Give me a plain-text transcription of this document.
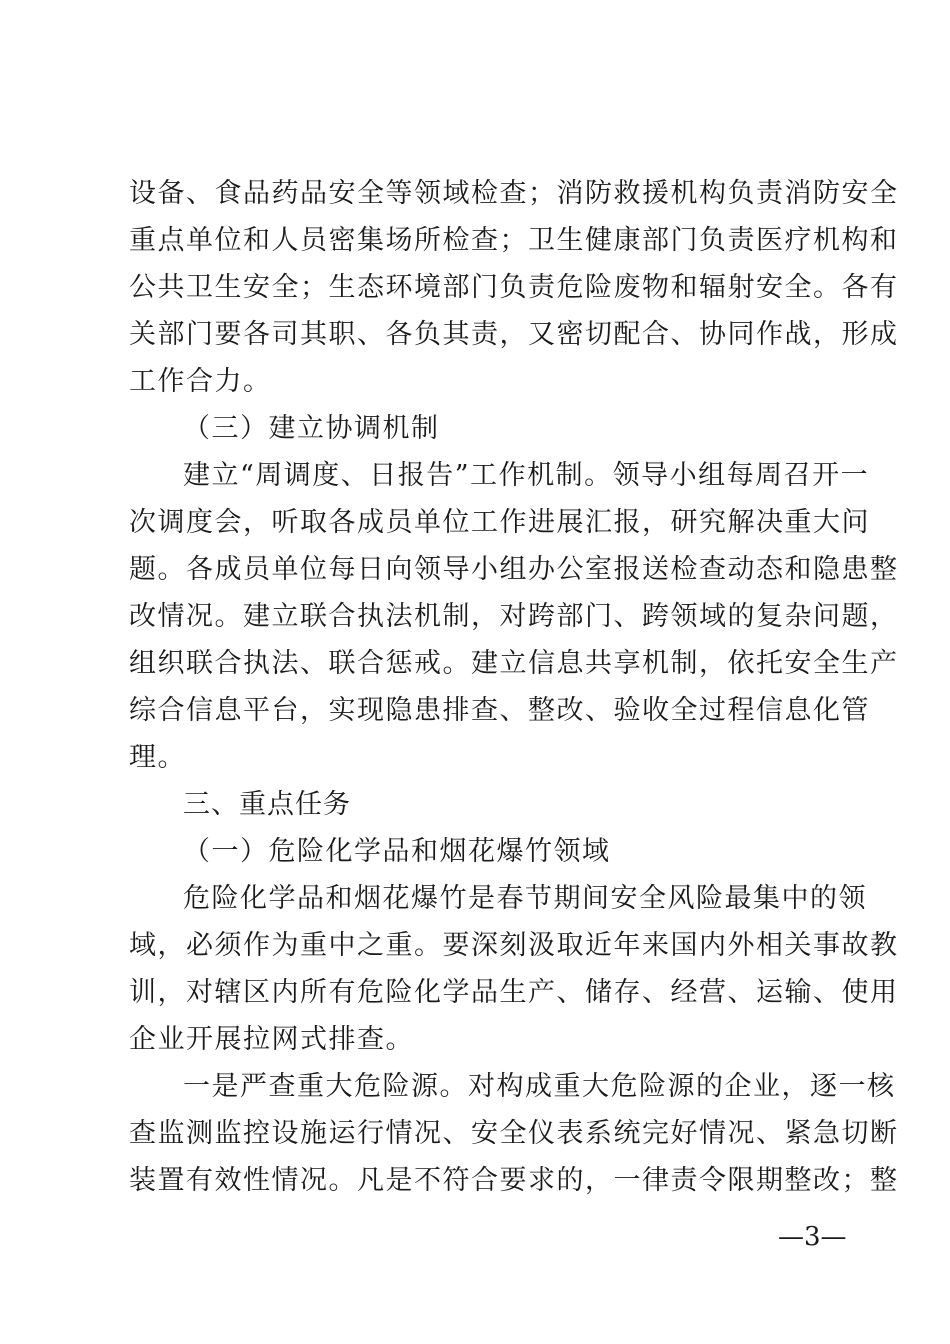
设备、食品药品安全等领域检查；消防救援机构负责消防安全
重点单位和人员密集场所检查；卫生健康部门负责医疗机构和
公共卫生安全；生态环境部门负责危险废物和辐射安全。各有
关部门要各司其职、各负其责，又密切配合、协同作战，形成
工作合力。
（三）建立协调机制
建立“周调度、日报告”工作机制。领导小组每周召开一
次调度会，听取各成员单位工作进展汇报，研究解决重大问
题。各成员单位每日向领导小组办公室报送检查动态和隐患整
改情况。建立联合执法机制，对跨部门、跨领域的复杂问题，
组织联合执法、联合惩戒。建立信息共享机制，依托安全生产
综合信息平台，实现隐患排查、整改、验收全过程信息化管
理。
三、重点任务
（一）危险化学品和烟花爆竹领域
危险化学品和烟花爆竹是春节期间安全风险最集中的领
域，必须作为重中之重。要深刻汲取近年来国内外相关事故教
训，对辖区内所有危险化学品生产、储存、经营、运输、使用
企业开展拉网式排查。
一是严查重大危险源。对构成重大危险源的企业，逐一核
查监测监控设施运行情况、安全仪表系统完好情况、紧急切断
装置有效性情况。凡是不符合要求的，一律责令限期整改；整
—3—
